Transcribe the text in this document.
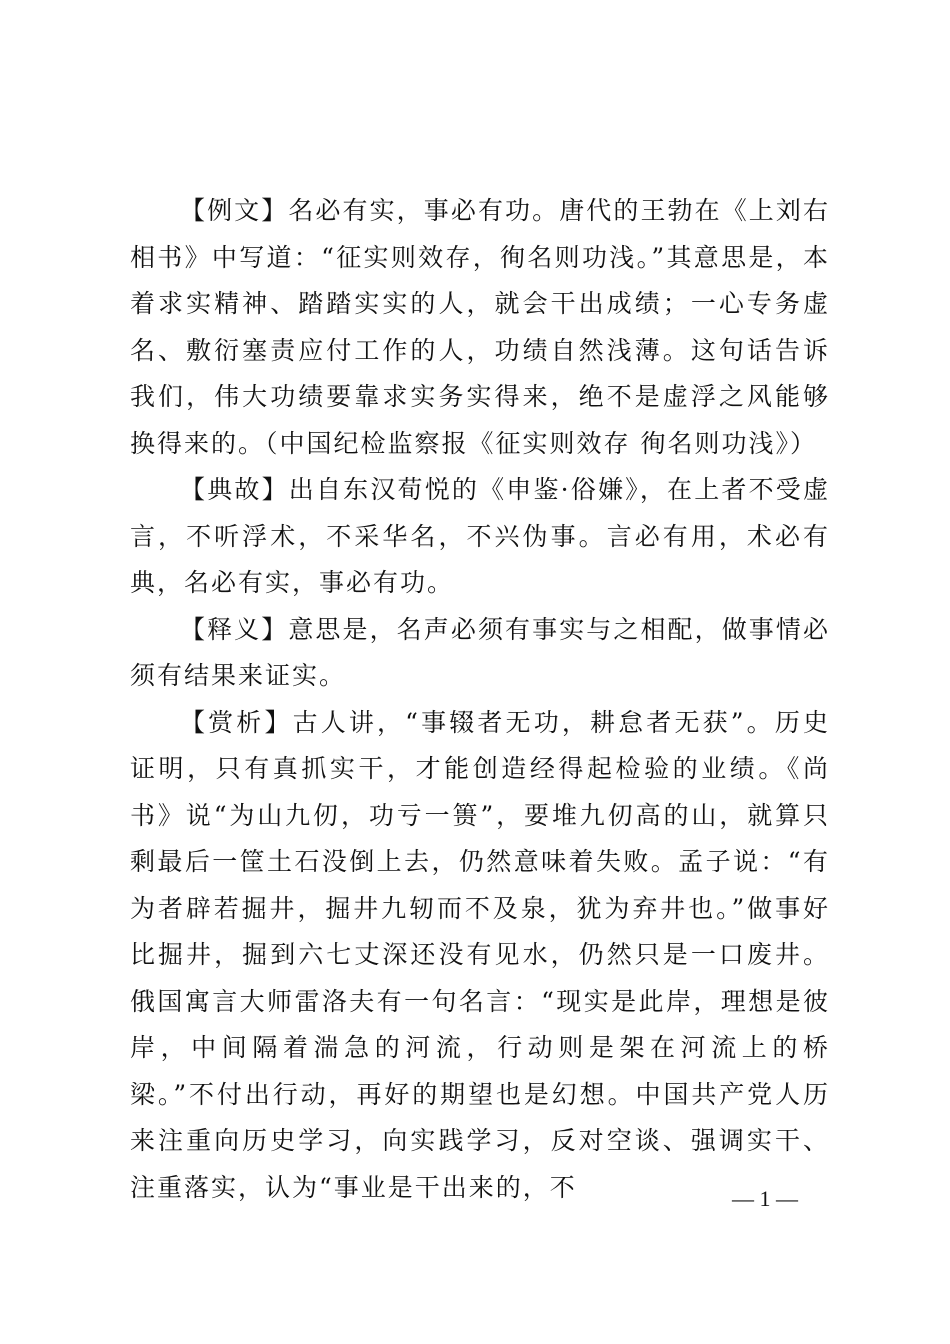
【例文】名必有实，事必有功。唐代的王勃在《上刘右相书》中写道：“征实则效存，徇名则功浅。”其意思是，本着求实精神、踏踏实实的人，就会干出成绩；一心专务虚名、敷衍塞责应付工作的人，功绩自然浅薄。这句话告诉我们，伟大功绩要靠求实务实得来，绝不是虚浮之风能够换得来的。（中国纪检监察报《征实则效存 徇名则功浅》）

【典故】出自东汉荀悦的《申鉴·俗嫌》，在上者不受虚言，不听浮术，不采华名，不兴伪事。言必有用，术必有典，名必有实，事必有功。

【释义】意思是，名声必须有事实与之相配，做事情必须有结果来证实。

【赏析】古人讲，“事辍者无功，耕怠者无获”。历史证明，只有真抓实干，才能创造经得起检验的业绩。《尚书》说“为山九仞，功亏一篑”，要堆九仞高的山，就算只剩最后一筐土石没倒上去，仍然意味着失败。孟子说：“有为者辟若掘井，掘井九轫而不及泉，犹为弃井也。”做事好比掘井，掘到六七丈深还没有见水，仍然只是一口废井。俄国寓言大师雷洛夫有一句名言：“现实是此岸，理想是彼岸，中间隔着湍急的河流，行动则是架在河流上的桥梁。”不付出行动，再好的期望也是幻想。中国共产党人历来注重向历史学习，向实践学习，反对空谈、强调实干、注重落实，认为“事业是干出来的，不	— 1 —
